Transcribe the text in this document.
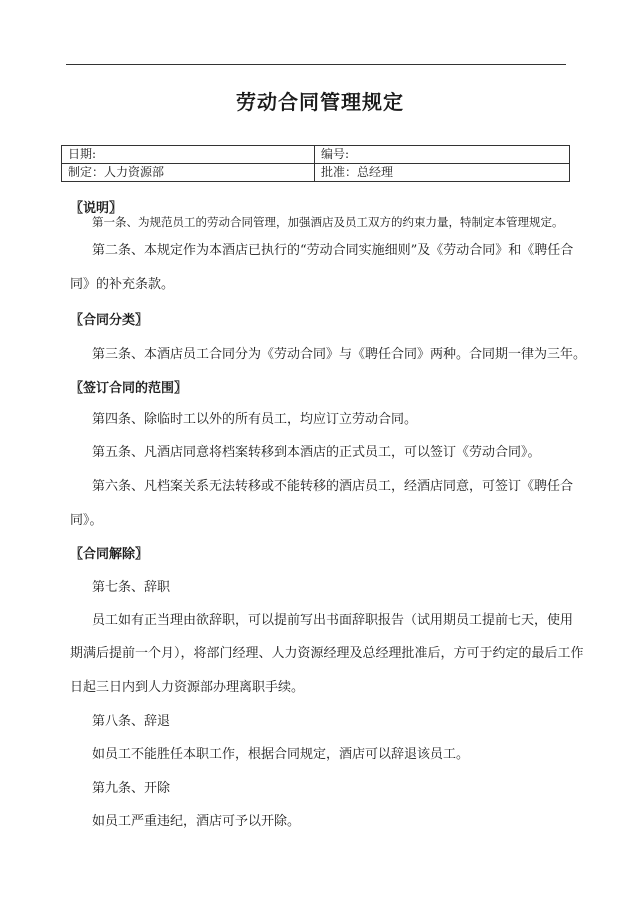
劳动合同管理规定
日期:	编号:
制定：人力资源部	批准：总经理
〖说明〗
第一条、为规范员工的劳动合同管理，加强酒店及员工双方的约束力量，特制定本管理规定。
第二条、本规定作为本酒店已执行的“劳动合同实施细则”及《劳动合同》和《聘任合
同》的补充条款。
〖合同分类〗
第三条、本酒店员工合同分为《劳动合同》与《聘任合同》两种。合同期一律为三年。
〖签订合同的范围〗
第四条、除临时工以外的所有员工，均应订立劳动合同。
第五条、凡酒店同意将档案转移到本酒店的正式员工，可以签订《劳动合同》。
第六条、凡档案关系无法转移或不能转移的酒店员工，经酒店同意，可签订《聘任合
同》。
〖合同解除〗
第七条、辞职
员工如有正当理由欲辞职，可以提前写出书面辞职报告（试用期员工提前七天，使用
期满后提前一个月），将部门经理、人力资源经理及总经理批准后，方可于约定的最后工作
日起三日内到人力资源部办理离职手续。
第八条、辞退
如员工不能胜任本职工作，根据合同规定，酒店可以辞退该员工。
第九条、开除
如员工严重违纪，酒店可予以开除。
